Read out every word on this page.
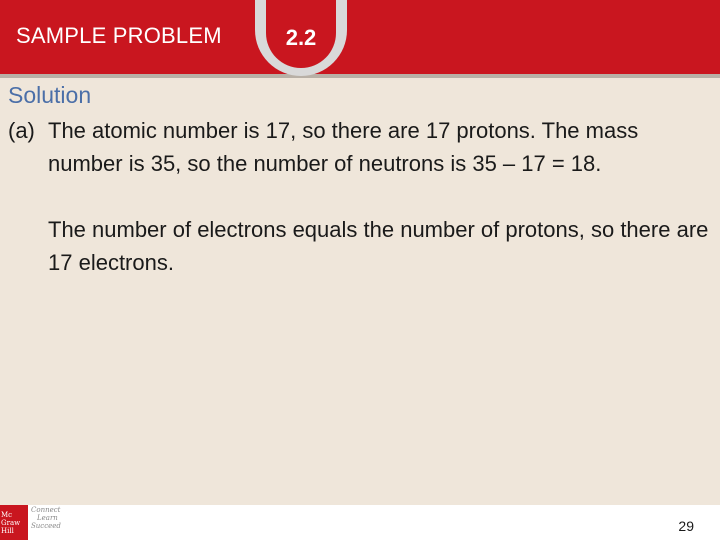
SAMPLE PROBLEM	2.2
Solution
(a) The atomic number is 17, so there are 17 protons. The mass number is 35, so the number of neutrons is 35 – 17 = 18.
The number of electrons equals the number of protons, so there are 17 electrons.
Mc
Graw
Hill
Connect
Learn
Succeed	29
